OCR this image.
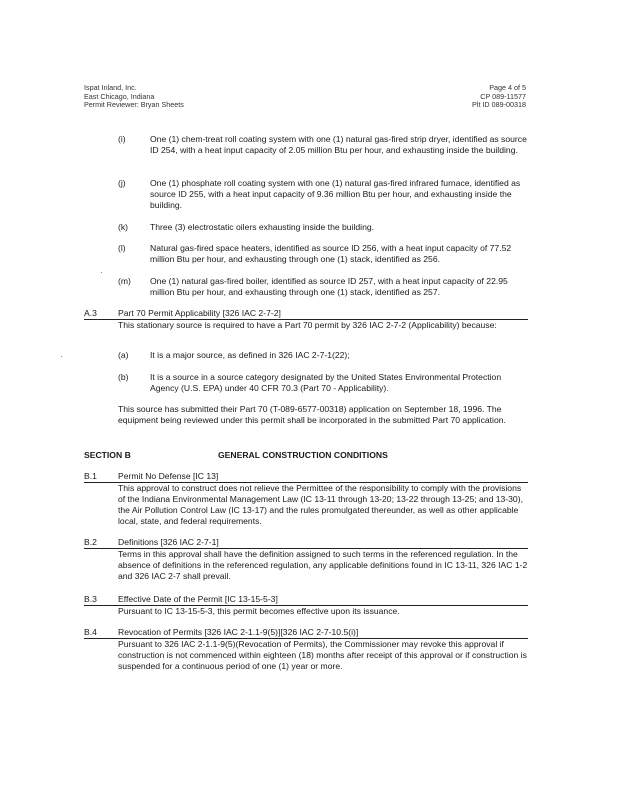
Ispat Inland, Inc.
East Chicago, Indiana
Permit Reviewer: Bryan Sheets
Page 4 of 5
CP 089-11577
Plt ID 089-00318
(i)	One (1) chem-treat roll coating system with one (1) natural gas-fired strip dryer, identified as source ID 254, with a heat input capacity of 2.05 million Btu per hour, and exhausting inside the building.
(j)	One (1) phosphate roll coating system with one (1) natural gas-fired infrared furnace, identified as source ID 255, with a heat input capacity of 9.36 million Btu per hour, and exhausting inside the building.
(k)	Three (3) electrostatic oilers exhausting inside the building.
(l)	Natural gas-fired space heaters, identified as source ID 256, with a heat input capacity of 77.52 million Btu per hour, and exhausting through one (1) stack, identified as 256.
(m) One (1) natural gas-fired boiler, identified as source ID 257, with a heat input capacity of 22.95 million Btu per hour, and exhausting through one (1) stack, identified as 257.
·
A.3 Part 70 Permit Applicability [326 IAC 2-7-2]
This stationary source is required to have a Part 70 permit by 326 IAC 2-7-2 (Applicability) because:
·	(a) It is a major source, as defined in 326 IAC 2-7-1(22);
(b) It is a source in a source category designated by the United States Environmental Protection Agency (U.S. EPA) under 40 CFR 70.3 (Part 70 - Applicability).
This source has submitted their Part 70 (T-089-6577-00318) application on September 18, 1996. The equipment being reviewed under this permit shall be incorporated in the submitted Part 70 application.
SECTION B	GENERAL CONSTRUCTION CONDITIONS
B.1 Permit No Defense [IC 13]
This approval to construct does not relieve the Permittee of the responsibility to comply with the provisions of the Indiana Environmental Management Law (IC 13-11 through 13-20; 13-22 through 13-25; and 13-30), the Air Pollution Control Law (IC 13-17) and the rules promulgated thereunder, as well as other applicable local, state, and federal requirements.
B.2 Definitions [326 IAC 2-7-1]
Terms in this approval shall have the definition assigned to such terms in the referenced regulation. In the absence of definitions in the referenced regulation, any applicable definitions found in IC 13-11, 326 IAC 1-2 and 326 IAC 2-7 shall prevail.
B.3 Effective Date of the Permit [IC 13-15-5-3]
Pursuant to IC 13-15-5-3, this permit becomes effective upon its issuance.
B.4 Revocation of Permits [326 IAC 2-1.1-9(5)][326 IAC 2-7-10.5(i)]
Pursuant to 326 IAC 2-1.1-9(5)(Revocation of Permits), the Commissioner may revoke this approval if construction is not commenced within eighteen (18) months after receipt of this approval or if construction is suspended for a continuous period of one (1) year or more.
